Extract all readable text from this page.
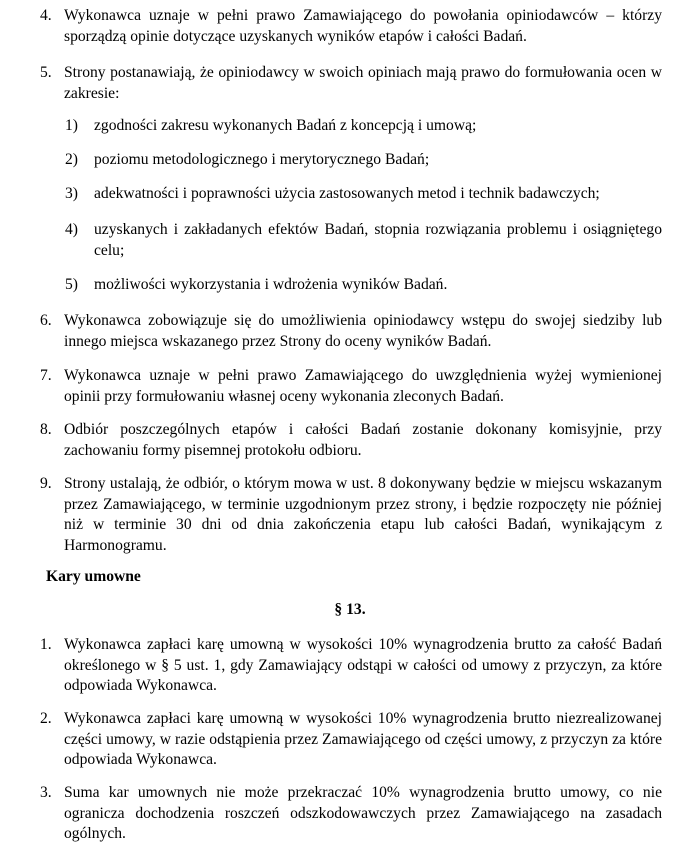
4. Wykonawca uznaje w pełni prawo Zamawiającego do powołania opiniodawców – którzy sporządzą opinie dotyczące uzyskanych wyników etapów i całości Badań.
5. Strony postanawiają, że opiniodawcy w swoich opiniach mają prawo do formułowania ocen w zakresie:
1) zgodności zakresu wykonanych Badań z koncepcją i umową;
2) poziomu metodologicznego i merytorycznego Badań;
3) adekwatności i poprawności użycia zastosowanych metod i technik badawczych;
4) uzyskanych i zakładanych efektów Badań, stopnia rozwiązania problemu i osiągniętego celu;
5) możliwości wykorzystania i wdrożenia wyników Badań.
6. Wykonawca zobowiązuje się do umożliwienia opiniodawcy wstępu do swojej siedziby lub innego miejsca wskazanego przez Strony do oceny wyników Badań.
7. Wykonawca uznaje w pełni prawo Zamawiającego do uwzględnienia wyżej wymienionej opinii przy formułowaniu własnej oceny wykonania zleconych Badań.
8. Odbiór poszczególnych etapów i całości Badań zostanie dokonany komisyjnie, przy zachowaniu formy pisemnej protokołu odbioru.
9. Strony ustalają, że odbiór, o którym mowa w ust. 8 dokonywany będzie w miejscu wskazanym przez Zamawiającego, w terminie uzgodnionym przez strony, i będzie rozpoczęty nie później niż w terminie 30 dni od dnia zakończenia etapu lub całości Badań, wynikającym z Harmonogramu.
Kary umowne
§ 13.
1. Wykonawca zapłaci karę umowną w wysokości 10% wynagrodzenia brutto za całość Badań określonego w § 5 ust. 1, gdy Zamawiający odstąpi w całości od umowy z przyczyn, za które odpowiada Wykonawca.
2. Wykonawca zapłaci karę umowną w wysokości 10% wynagrodzenia brutto niezrealizowanej części umowy, w razie odstąpienia przez Zamawiającego od części umowy, z przyczyn za które odpowiada Wykonawca.
3. Suma kar umownych nie może przekraczać 10% wynagrodzenia brutto umowy, co nie ogranicza dochodzenia roszczeń odszkodowawczych przez Zamawiającego na zasadach ogólnych.
